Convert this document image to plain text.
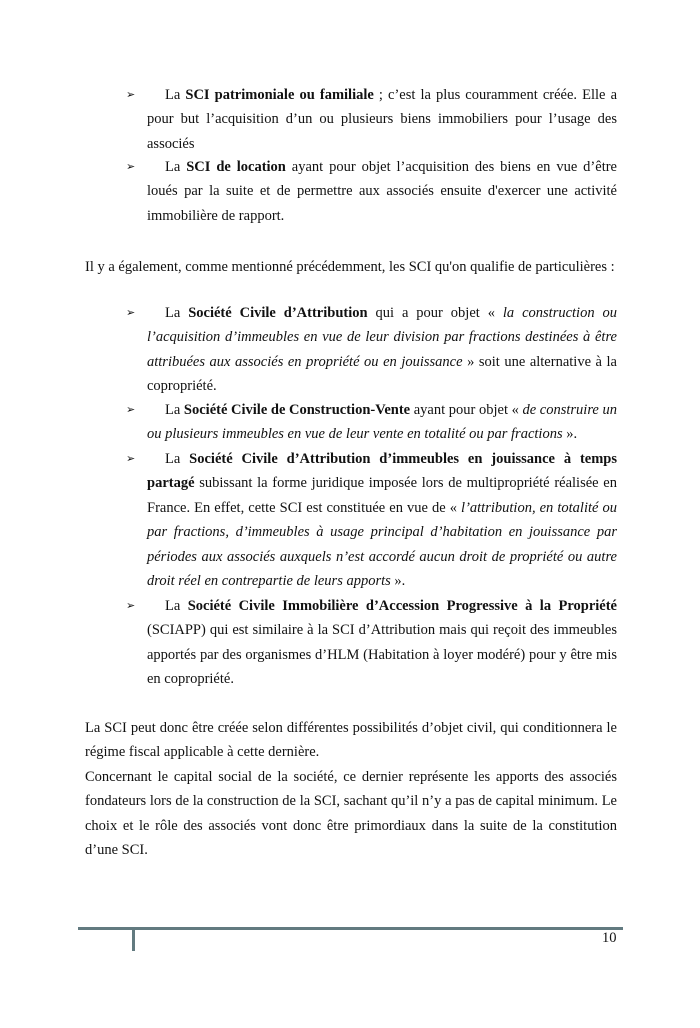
➢ La SCI patrimoniale ou familiale ; c’est la plus couramment créée. Elle a pour but l’acquisition d’un ou plusieurs biens immobiliers pour l’usage des associés
➢ La SCI de location ayant pour objet l’acquisition des biens en vue d’être loués par la suite et de permettre aux associés ensuite d'exercer une activité immobilière de rapport.
Il y a également, comme mentionné précédemment, les SCI qu'on qualifie de particulières :
➢ La Société Civile d’Attribution qui a pour objet « la construction ou l’acquisition d’immeubles en vue de leur division par fractions destinées à être attribuées aux associés en propriété ou en jouissance » soit une alternative à la copropriété.
➢ La Société Civile de Construction-Vente ayant pour objet « de construire un ou plusieurs immeubles en vue de leur vente en totalité ou par fractions ».
➢ La Société Civile d’Attribution d’immeubles en jouissance à temps partagé subissant la forme juridique imposée lors de multipropriété réalisée en France. En effet, cette SCI est constituée en vue de « l’attribution, en totalité ou par fractions, d’immeubles à usage principal d’habitation en jouissance par périodes aux associés auxquels n’est accordé aucun droit de propriété ou autre droit réel en contrepartie de leurs apports ».
➢ La Société Civile Immobilière d’Accession Progressive à la Propriété (SCIAPP) qui est similaire à la SCI d’Attribution mais qui reçoit des immeubles apportés par des organismes d’HLM (Habitation à loyer modéré) pour y être mis en copropriété.
La SCI peut donc être créée selon différentes possibilités d’objet civil, qui conditionnera le régime fiscal applicable à cette dernière.
Concernant le capital social de la société, ce dernier représente les apports des associés fondateurs lors de la construction de la SCI, sachant qu’il n’y a pas de capital minimum. Le choix et le rôle des associés vont donc être primordiaux dans la suite de la constitution d’une SCI.
10
